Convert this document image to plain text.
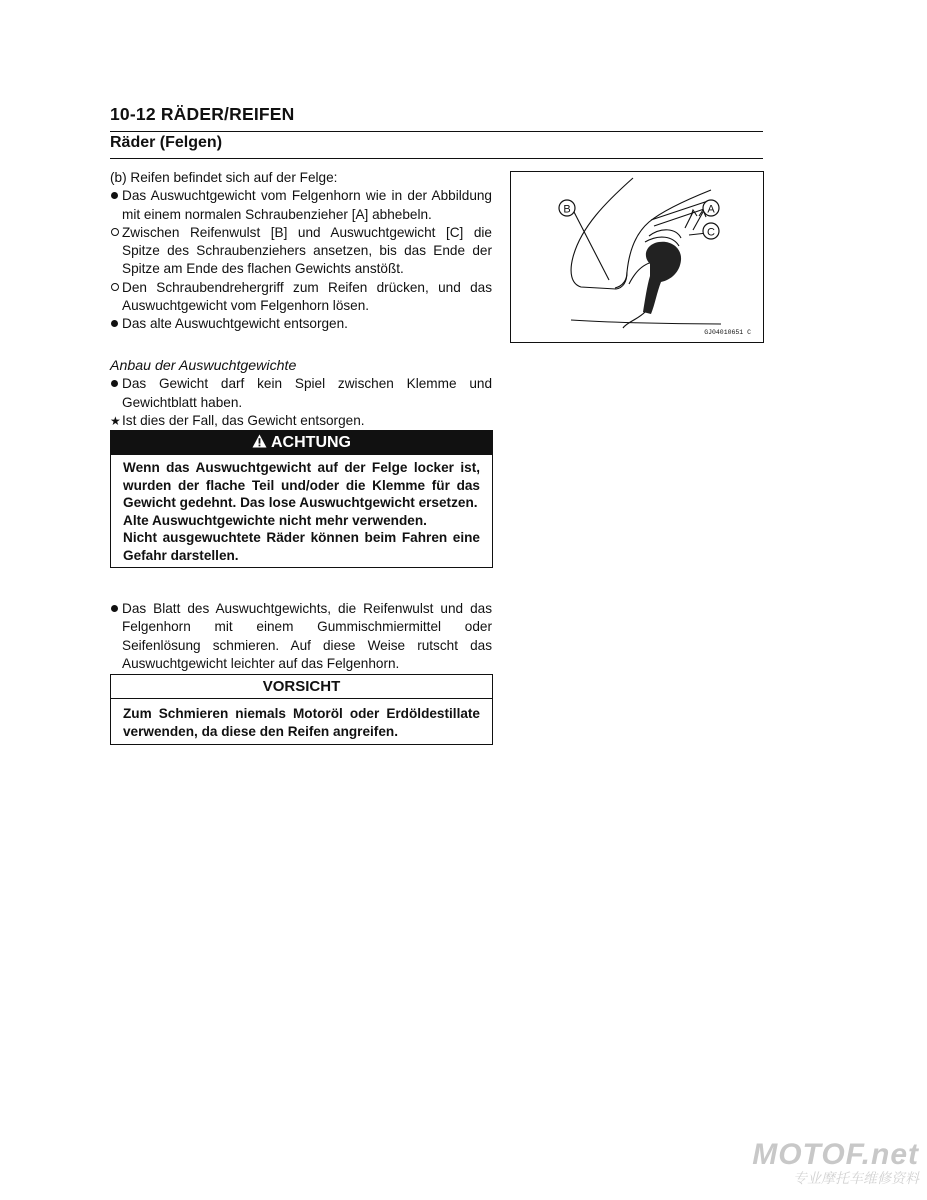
10-12 RÄDER/REIFEN
Räder (Felgen)
(b) Reifen befindet sich auf der Felge:
Das Auswuchtgewicht vom Felgenhorn wie in der Abbildung mit einem normalen Schraubenzieher [A] abhebeln.
Zwischen Reifenwulst [B] und Auswuchtgewicht [C] die Spitze des Schraubenziehers ansetzen, bis das Ende der Spitze am Ende des flachen Gewichts anstößt.
Den Schraubendrehergriff zum Reifen drücken, und das Auswuchtgewicht vom Felgenhorn lösen.
Das alte Auswuchtgewicht entsorgen.
Anbau der Auswuchtgewichte
Das Gewicht darf kein Spiel zwischen Klemme und Gewichtblatt haben.
★ Ist dies der Fall, das Gewicht entsorgen.
ACHTUNG

Wenn das Auswuchtgewicht auf der Felge locker ist, wurden der flache Teil und/oder die Klemme für das Gewicht gedehnt. Das lose Auswuchtgewicht ersetzen.

Alte Auswuchtgewichte nicht mehr verwenden.

Nicht ausgewuchtete Räder können beim Fahren eine Gefahr darstellen.

Das Blatt des Auswuchtgewichts, die Reifenwulst und das Felgenhorn mit einem Gummischmiermittel oder Seifenlösung schmieren. Auf diese Weise rutscht das Auswuchtgewicht leichter auf das Felgenhorn.
VORSICHT
Zum Schmieren niemals Motoröl oder Erdöldestillate verwenden, da diese den Reifen angreifen.
B	A
C
GJ04010651 C
MOTOF.net
专业摩托车维修资料
